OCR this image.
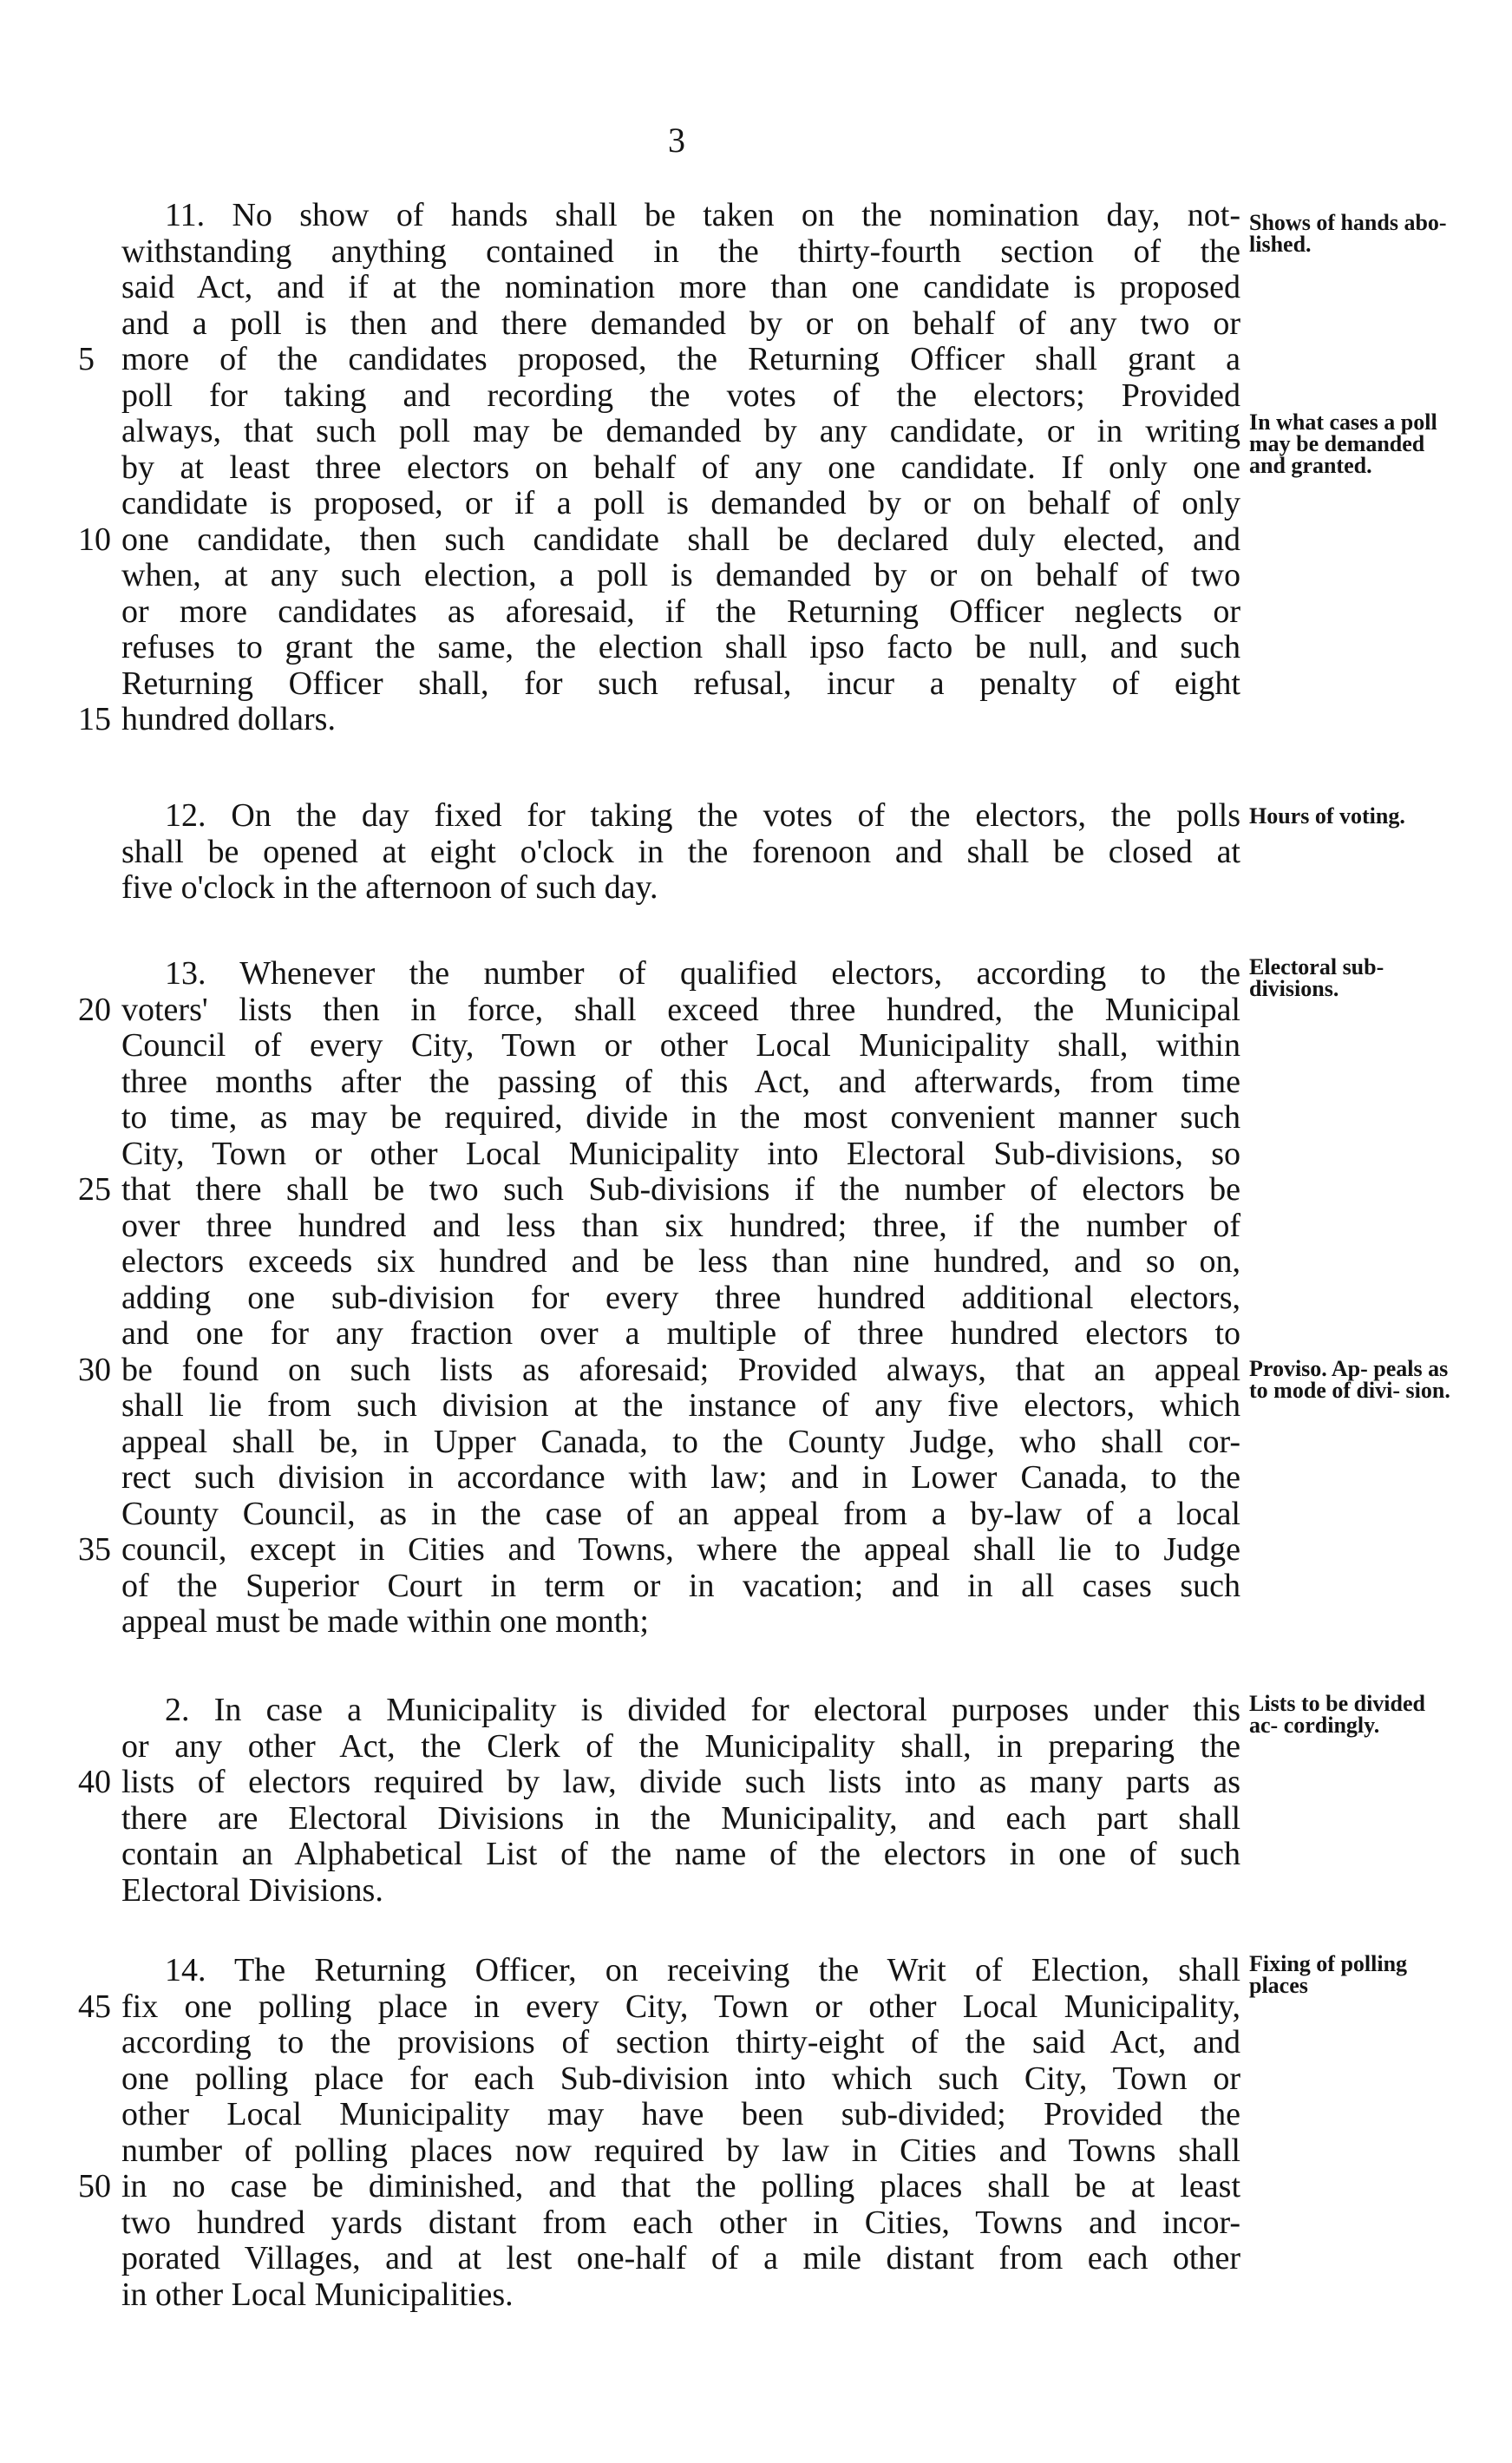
3
11. No show of hands shall be taken on the nomination day, not-
withstanding anything contained in the thirty-fourth section of the
said Act, and if at the nomination more than one candidate is proposed
and a poll is then and there demanded by or on behalf of any two or
5 more of the candidates proposed, the Returning Officer shall grant a
poll for taking and recording the votes of the electors; Provided
always, that such poll may be demanded by any candidate, or in writing
by at least three electors on behalf of any one candidate. If only one
candidate is proposed, or if a poll is demanded by or on behalf of only
10 one candidate, then such candidate shall be declared duly elected, and
when, at any such election, a poll is demanded by or on behalf of two
or more candidates as aforesaid, if the Returning Officer neglects or
refuses to grant the same, the election shall ipso facto be null, and such
Returning Officer shall, for such refusal, incur a penalty of eight
15 hundred dollars.
Shows of hands abo- lished.
In what cases a poll may be demanded and granted.
12. On the day fixed for taking the votes of the electors, the polls
shall be opened at eight o'clock in the forenoon and shall be closed at
five o'clock in the afternoon of such day.
Hours of voting.
13. Whenever the number of qualified electors, according to the
20 voters' lists then in force, shall exceed three hundred, the Municipal
Council of every City, Town or other Local Municipality shall, within
three months after the passing of this Act, and afterwards, from time
to time, as may be required, divide in the most convenient manner such
City, Town or other Local Municipality into Electoral Sub-divisions, so
25 that there shall be two such Sub-divisions if the number of electors be
over three hundred and less than six hundred; three, if the number of
electors exceeds six hundred and be less than nine hundred, and so on,
adding one sub-division for every three hundred additional electors,
and one for any fraction over a multiple of three hundred electors to
30 be found on such lists as aforesaid; Provided always, that an appeal
shall lie from such division at the instance of any five electors, which
appeal shall be, in Upper Canada, to the County Judge, who shall cor-
rect such division in accordance with law; and in Lower Canada, to the
County Council, as in the case of an appeal from a by-law of a local
35 council, except in Cities and Towns, where the appeal shall lie to Judge
of the Superior Court in term or in vacation; and in all cases such
appeal must be made within one month;
Electoral sub- divisions.
Proviso. Ap- peals as to mode of divi- sion.
2. In case a Municipality is divided for electoral purposes under this
or any other Act, the Clerk of the Municipality shall, in preparing the
40 lists of electors required by law, divide such lists into as many parts as
there are Electoral Divisions in the Municipality, and each part shall
contain an Alphabetical List of the name of the electors in one of such
Electoral Divisions.
Lists to be divided ac- cordingly.
14. The Returning Officer, on receiving the Writ of Election, shall
45 fix one polling place in every City, Town or other Local Municipality,
according to the provisions of section thirty-eight of the said Act, and
one polling place for each Sub-division into which such City, Town or
other Local Municipality may have been sub-divided; Provided the
number of polling places now required by law in Cities and Towns shall
50 in no case be diminished, and that the polling places shall be at least
two hundred yards distant from each other in Cities, Towns and incor-
porated Villages, and at lest one-half of a mile distant from each other
in other Local Municipalities.
Fixing of polling places
